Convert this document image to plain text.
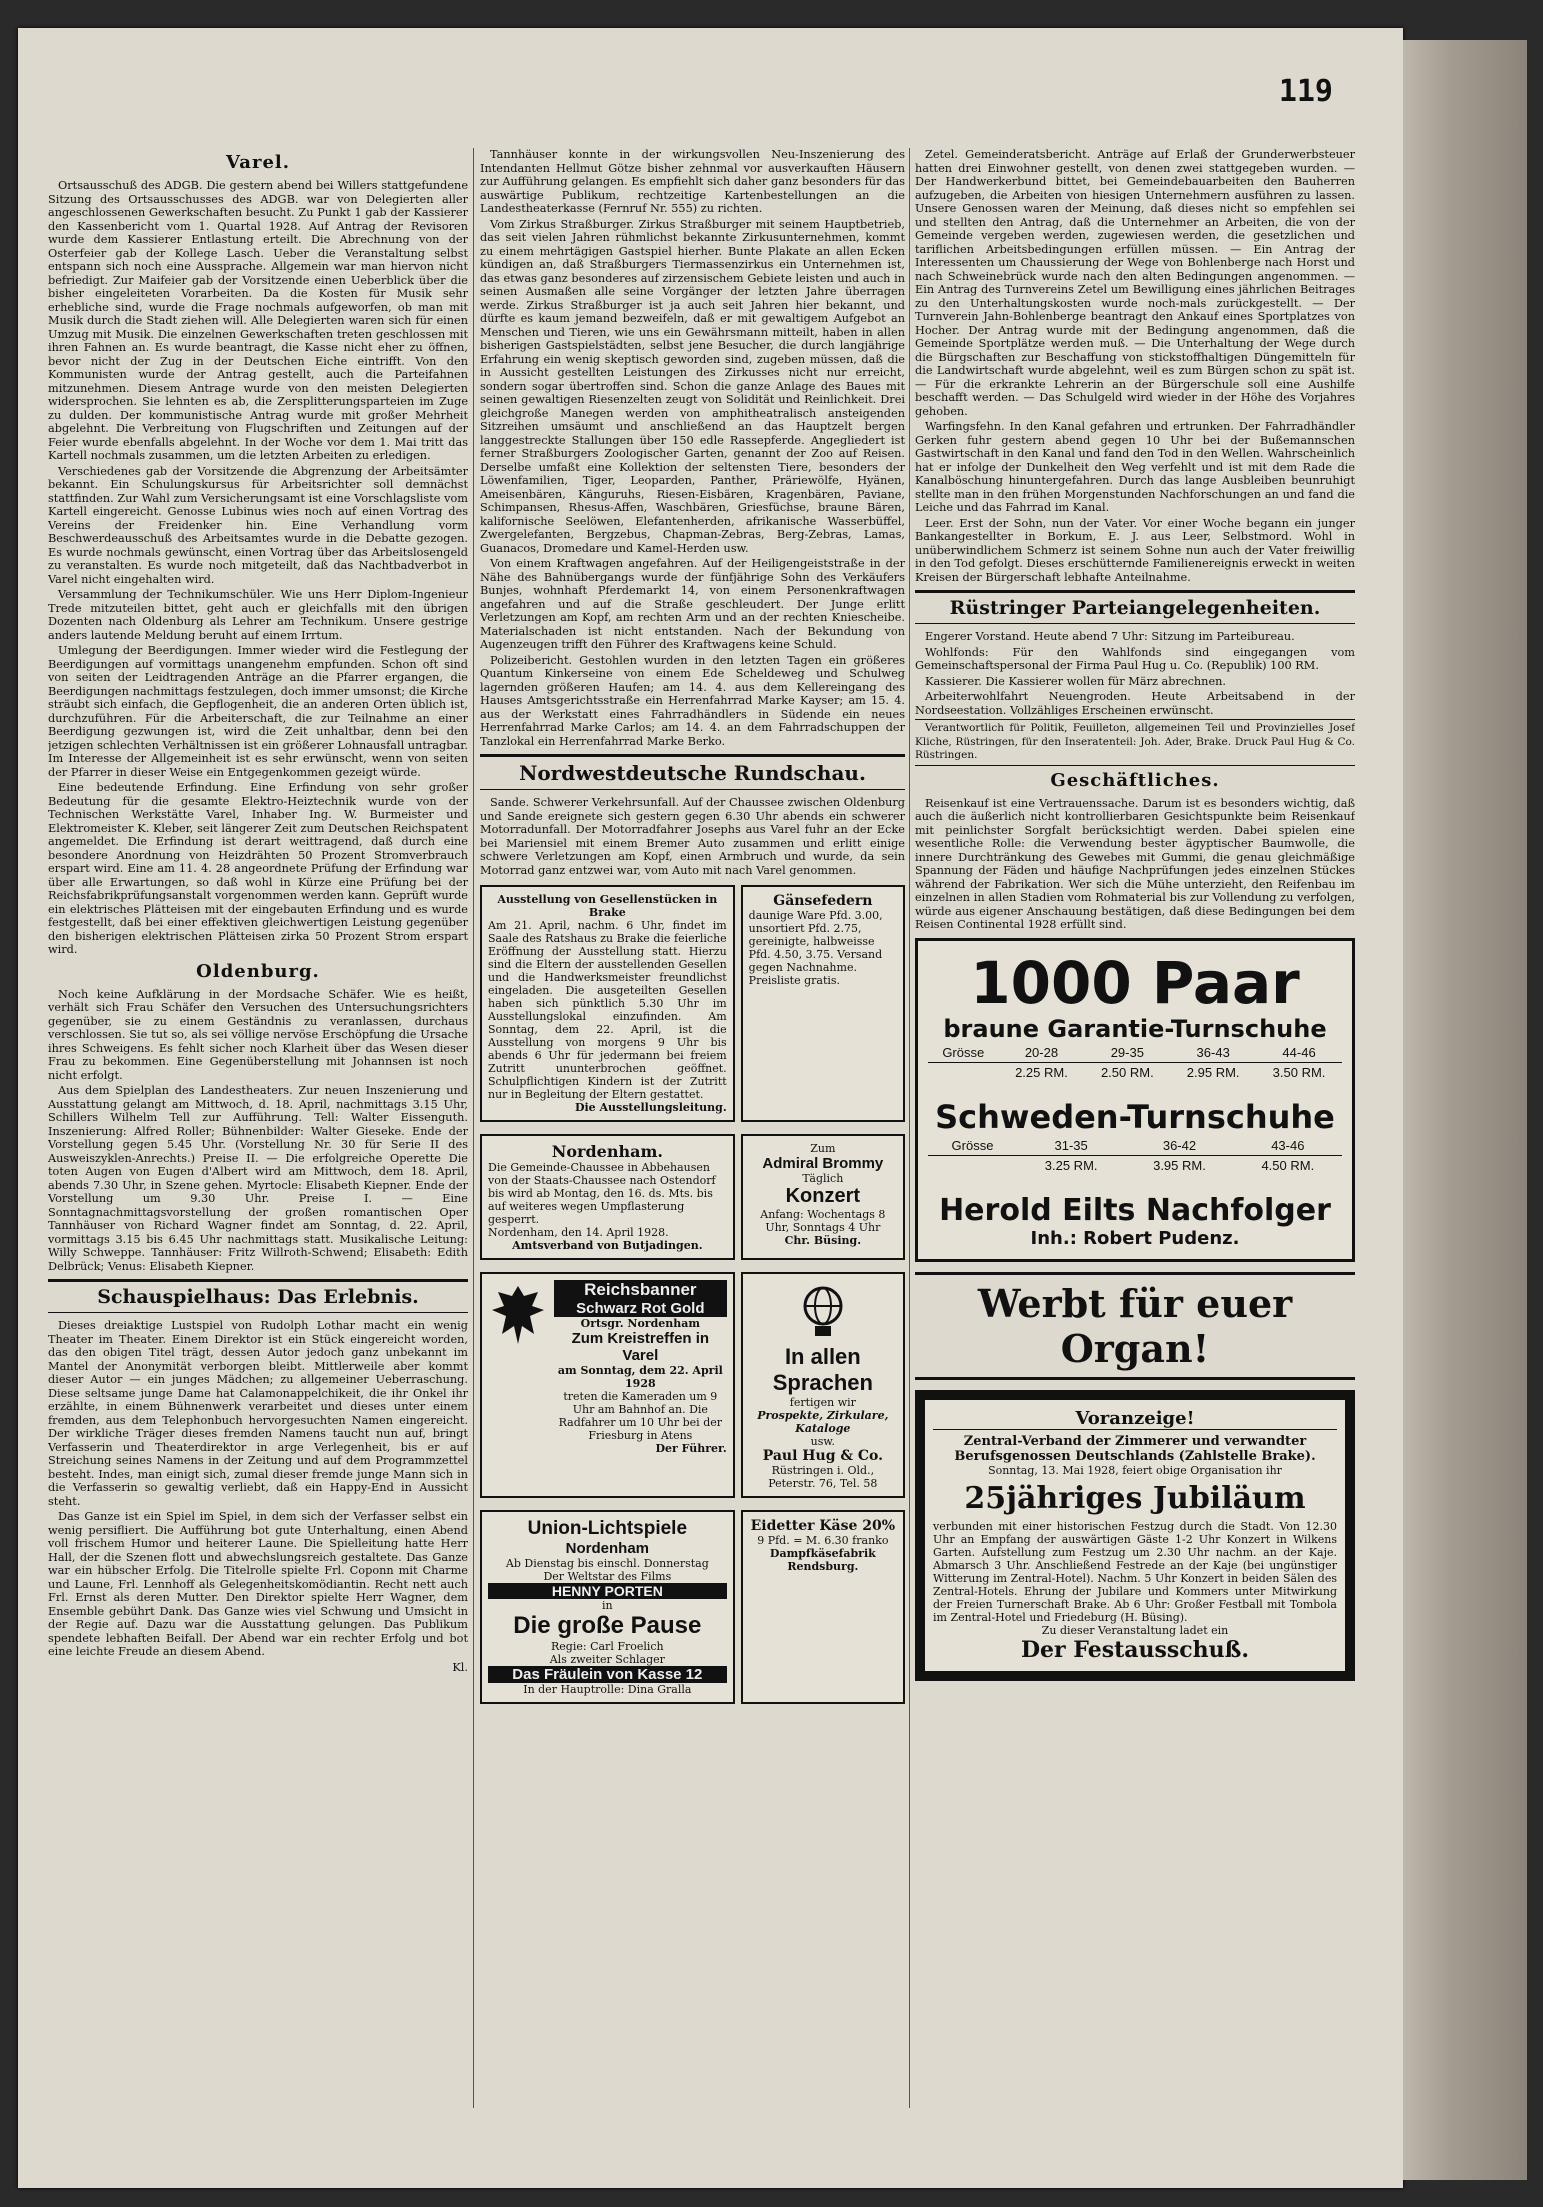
119
Varel.

Ortsausschuß des ADGB. Die gestern abend bei Willers stattgefundene Sitzung des Ortsausschusses des ADGB. war von Delegierten aller angeschlossenen Gewerkschaften besucht. Zu Punkt 1 gab der Kassierer den Kassenbericht vom 1. Quartal 1928. Auf Antrag der Revisoren wurde dem Kassierer Entlastung erteilt. Die Abrechnung von der Osterfeier gab der Kollege Lasch. Ueber die Veranstaltung selbst entspann sich noch eine Aussprache. Allgemein war man hiervon nicht befriedigt. Zur Maifeier gab der Vorsitzende einen Ueberblick über die bisher eingeleiteten Vorarbeiten. Da die Kosten für Musik sehr erhebliche sind, wurde die Frage nochmals aufgeworfen, ob man mit Musik durch die Stadt ziehen will. Alle Delegierten waren sich für einen Umzug mit Musik. Die einzelnen Gewerkschaften treten geschlossen mit ihren Fahnen an. Es wurde beantragt, die Kasse nicht eher zu öffnen, bevor nicht der Zug in der Deutschen Eiche eintrifft. Von den Kommunisten wurde der Antrag gestellt, auch die Parteifahnen mitzunehmen. Diesem Antrage wurde von den meisten Delegierten widersprochen. Sie lehnten es ab, die Zersplitterungsparteien im Zuge zu dulden. Der kommunistische Antrag wurde mit großer Mehrheit abgelehnt. Die Verbreitung von Flugschriften und Zeitungen auf der Feier wurde ebenfalls abgelehnt. In der Woche vor dem 1. Mai tritt das Kartell nochmals zusammen, um die letzten Arbeiten zu erledigen.

Verschiedenes gab der Vorsitzende die Abgrenzung der Arbeitsämter bekannt. Ein Schulungskursus für Arbeitsrichter soll demnächst stattfinden. Zur Wahl zum Versicherungsamt ist eine Vorschlagsliste vom Kartell eingereicht. Genosse Lubinus wies noch auf einen Vortrag des Vereins der Freidenker hin. Eine Verhandlung vorm Beschwerdeausschuß des Arbeitsamtes wurde in die Debatte gezogen. Es wurde nochmals gewünscht, einen Vortrag über das Arbeitslosengeld zu veranstalten. Es wurde noch mitgeteilt, daß das Nachtbadverbot in Varel nicht eingehalten wird.

Versammlung der Technikumschüler. Wie uns Herr Diplom-Ingenieur Trede mitzuteilen bittet, geht auch er gleichfalls mit den übrigen Dozenten nach Oldenburg als Lehrer am Technikum. Unsere gestrige anders lautende Meldung beruht auf einem Irrtum.

Umlegung der Beerdigungen. Immer wieder wird die Festlegung der Beerdigungen auf vormittags unangenehm empfunden. Schon oft sind von seiten der Leidtragenden Anträge an die Pfarrer ergangen, die Beerdigungen nachmittags festzulegen, doch immer umsonst; die Kirche sträubt sich einfach, die Gepflogenheit, die an anderen Orten üblich ist, durchzuführen. Für die Arbeiterschaft, die zur Teilnahme an einer Beerdigung gezwungen ist, wird die Zeit unhaltbar, denn bei den jetzigen schlechten Verhältnissen ist ein größerer Lohnausfall untragbar. Im Interesse der Allgemeinheit ist es sehr erwünscht, wenn von seiten der Pfarrer in dieser Weise ein Entgegenkommen gezeigt würde.

Eine bedeutende Erfindung. Eine Erfindung von sehr großer Bedeutung für die gesamte Elektro-Heiztechnik wurde von der Technischen Werkstätte Varel, Inhaber Ing. W. Burmeister und Elektromeister K. Kleber, seit längerer Zeit zum Deutschen Reichspatent angemeldet. Die Erfindung ist derart weittragend, daß durch eine besondere Anordnung von Heizdrähten 50 Prozent Stromverbrauch erspart wird. Eine am 11. 4. 28 angeordnete Prüfung der Erfindung war über alle Erwartungen, so daß wohl in Kürze eine Prüfung bei der Reichsfabrikprüfungsanstalt vorgenommen werden kann. Geprüft wurde ein elektrisches Plätteisen mit der eingebauten Erfindung und es wurde festgestellt, daß bei einer effektiven gleichwertigen Leistung gegenüber den bisherigen elektrischen Plätteisen zirka 50 Prozent Strom erspart wird.

Oldenburg.

Noch keine Aufklärung in der Mordsache Schäfer. Wie es heißt, verhält sich Frau Schäfer den Versuchen des Untersuchungsrichters gegenüber, sie zu einem Geständnis zu veranlassen, durchaus verschlossen. Sie tut so, als sei völlige nervöse Erschöpfung die Ursache ihres Schweigens. Es fehlt sicher noch Klarheit über das Wesen dieser Frau zu bekommen. Eine Gegenüberstellung mit Johannsen ist noch nicht erfolgt.

Aus dem Spielplan des Landestheaters. Zur neuen Inszenierung und Ausstattung gelangt am Mittwoch, d. 18. April, nachmittags 3.15 Uhr, Schillers Wilhelm Tell zur Aufführung. Tell: Walter Eissenguth. Inszenierung: Alfred Roller; Bühnenbilder: Walter Gieseke. Ende der Vorstellung gegen 5.45 Uhr. (Vorstellung Nr. 30 für Serie II des Ausweiszyklen-Anrechts.) Preise II. — Die erfolgreiche Operette Die toten Augen von Eugen d'Albert wird am Mittwoch, dem 18. April, abends 7.30 Uhr, in Szene gehen. Myrtocle: Elisabeth Kiepner. Ende der Vorstellung um 9.30 Uhr. Preise I. — Eine Sonntagnachmittagsvorstellung der großen romantischen Oper Tannhäuser von Richard Wagner findet am Sonntag, d. 22. April, vormittags 3.15 bis 6.45 Uhr nachmittags statt. Musikalische Leitung: Willy Schweppe. Tannhäuser: Fritz Willroth-Schwend; Elisabeth: Edith Delbrück; Venus: Elisabeth Kiepner.

Schauspielhaus: Das Erlebnis.

Dieses dreiaktige Lustspiel von Rudolph Lothar macht ein wenig Theater im Theater. Einem Direktor ist ein Stück eingereicht worden, das den obigen Titel trägt, dessen Autor jedoch ganz unbekannt im Mantel der Anonymität verborgen bleibt. Mittlerweile aber kommt dieser Autor — ein junges Mädchen; zu allgemeiner Ueberraschung. Diese seltsame junge Dame hat Calamonappelchikeit, die ihr Onkel ihr erzählte, in einem Bühnenwerk verarbeitet und dieses unter einem fremden, aus dem Telephonbuch hervorgesuchten Namen eingereicht. Der wirkliche Träger dieses fremden Namens taucht nun auf, bringt Verfasserin und Theaterdirektor in arge Verlegenheit, bis er auf Streichung seines Namens in der Zeitung und auf dem Programmzettel besteht. Indes, man einigt sich, zumal dieser fremde junge Mann sich in die Verfasserin so gewaltig verliebt, daß ein Happy-End in Aussicht steht.

Das Ganze ist ein Spiel im Spiel, in dem sich der Verfasser selbst ein wenig persifliert. Die Aufführung bot gute Unterhaltung, einen Abend voll frischem Humor und heiterer Laune. Die Spielleitung hatte Herr Hall, der die Szenen flott und abwechslungsreich gestaltete. Das Ganze war ein hübscher Erfolg. Die Titelrolle spielte Frl. Coponn mit Charme und Laune, Frl. Lennhoff als Gelegenheitskomödiantin. Recht nett auch Frl. Ernst als deren Mutter. Den Direktor spielte Herr Wagner, dem Ensemble gebührt Dank. Das Ganze wies viel Schwung und Umsicht in der Regie auf. Dazu war die Ausstattung gelungen. Das Publikum spendete lebhaften Beifall. Der Abend war ein rechter Erfolg und bot eine leichte Freude an diesem Abend.

Kl.

Tannhäuser konnte in der wirkungsvollen Neu-Inszenierung des Intendanten Hellmut Götze bisher zehnmal vor ausverkauften Häusern zur Aufführung gelangen. Es empfiehlt sich daher ganz besonders für das auswärtige Publikum, rechtzeitige Kartenbestellungen an die Landestheaterkasse (Fernruf Nr. 555) zu richten.

Vom Zirkus Straßburger. Zirkus Straßburger mit seinem Hauptbetrieb, das seit vielen Jahren rühmlichst bekannte Zirkusunternehmen, kommt zu einem mehrtägigen Gastspiel hierher. Bunte Plakate an allen Ecken kündigen an, daß Straßburgers Tiermassenzirkus ein Unternehmen ist, das etwas ganz besonderes auf zirzensischem Gebiete leisten und auch in seinen Ausmaßen alle seine Vorgänger der letzten Jahre überragen werde. Zirkus Straßburger ist ja auch seit Jahren hier bekannt, und dürfte es kaum jemand bezweifeln, daß er mit gewaltigem Aufgebot an Menschen und Tieren, wie uns ein Gewährsmann mitteilt, haben in allen bisherigen Gastspielstädten, selbst jene Besucher, die durch langjährige Erfahrung ein wenig skeptisch geworden sind, zugeben müssen, daß die in Aussicht gestellten Leistungen des Zirkusses nicht nur erreicht, sondern sogar übertroffen sind. Schon die ganze Anlage des Baues mit seinen gewaltigen Riesenzelten zeugt von Solidität und Reinlichkeit. Drei gleichgroße Manegen werden von amphitheatralisch ansteigenden Sitzreihen umsäumt und anschließend an das Hauptzelt bergen langgestreckte Stallungen über 150 edle Rassepferde. Angegliedert ist ferner Straßburgers Zoologischer Garten, genannt der Zoo auf Reisen. Derselbe umfaßt eine Kollektion der seltensten Tiere, besonders der Löwenfamilien, Tiger, Leoparden, Panther, Präriewölfe, Hyänen, Ameisenbären, Känguruhs, Riesen-Eisbären, Kragenbären, Paviane, Schimpansen, Rhesus-Affen, Waschbären, Griesfüchse, braune Bären, kalifornische Seelöwen, Elefantenherden, afrikanische Wasserbüffel, Zwergelefanten, Bergzebus, Chapman-Zebras, Berg-Zebras, Lamas, Guanacos, Dromedare und Kamel-Herden usw.

Von einem Kraftwagen angefahren. Auf der Heiligengeiststraße in der Nähe des Bahnübergangs wurde der fünfjährige Sohn des Verkäufers Bunjes, wohnhaft Pferdemarkt 14, von einem Personenkraftwagen angefahren und auf die Straße geschleudert. Der Junge erlitt Verletzungen am Kopf, am rechten Arm und an der rechten Kniescheibe. Materialschaden ist nicht entstanden. Nach der Bekundung von Augenzeugen trifft den Führer des Kraftwagens keine Schuld.

Polizeibericht. Gestohlen wurden in den letzten Tagen ein größeres Quantum Kinkerseine von einem Ede Scheldeweg und Schulweg lagernden größeren Haufen; am 14. 4. aus dem Kellereingang des Hauses Amtsgerichtsstraße ein Herrenfahrrad Marke Kayser; am 15. 4. aus der Werkstatt eines Fahrradhändlers in Südende ein neues Herrenfahrrad Marke Carlos; am 14. 4. an dem Fahrradschuppen der Tanzlokal ein Herrenfahrrad Marke Berko.

Nordwestdeutsche Rundschau.

Sande. Schwerer Verkehrsunfall. Auf der Chaussee zwischen Oldenburg und Sande ereignete sich gestern gegen 6.30 Uhr abends ein schwerer Motorradunfall. Der Motorradfahrer Josephs aus Varel fuhr an der Ecke bei Mariensiel mit einem Bremer Auto zusammen und erlitt einige schwere Verletzungen am Kopf, einen Armbruch und wurde, da sein Motorrad ganz entzwei war, vom Auto mit nach Varel genommen.

Ausstellung von Gesellenstücken in Brake
Am 21. April, nachm. 6 Uhr, findet im Saale des Ratshaus zu Brake die feierliche Eröffnung der Ausstellung statt. Hierzu sind die Eltern der ausstellenden Gesellen und die Handwerksmeister freundlichst eingeladen. Die ausgeteilten Gesellen haben sich pünktlich 5.30 Uhr im Ausstellungslokal einzufinden. Am Sonntag, dem 22. April, ist die Ausstellung von morgens 9 Uhr bis abends 6 Uhr für jedermann bei freiem Zutritt ununterbrochen geöffnet. Schulpflichtigen Kindern ist der Zutritt nur in Begleitung der Eltern gestattet.
Die Ausstellungsleitung.
Gänsefedern
daunige Ware Pfd. 3.00, unsortiert Pfd. 2.75, gereinigte, halbweisse Pfd. 4.50, 3.75. Versand gegen Nachnahme. Preisliste gratis.
Nordenham.
Die Gemeinde-Chaussee in Abbehausen von der Staats-Chaussee nach Ostendorf bis wird ab Montag, den 16. ds. Mts. bis auf weiteres wegen Umpflasterung gesperrt.
Nordenham, den 14. April 1928.
Amtsverband von Butjadingen.
Zum
Admiral Brommy
Täglich
Konzert
Anfang: Wochentags 8 Uhr, Sonntags 4 Uhr
Chr. Büsing.
Reichsbanner
Schwarz Rot Gold
Ortsgr. Nordenham
Zum Kreistreffen in Varel
am Sonntag, dem 22. April 1928
treten die Kameraden um 9 Uhr am Bahnhof an. Die Radfahrer um 10 Uhr bei der Friesburg in Atens
Der Führer.
In allen
Sprachen
fertigen wir
Prospekte, Zirkulare, Kataloge
usw.
Paul Hug & Co.
Rüstringen i. Old., Peterstr. 76, Tel. 58
Union-Lichtspiele
Nordenham
Ab Dienstag bis einschl. Donnerstag
Der Weltstar des Films
HENNY PORTEN
in
Die große Pause
Regie: Carl Froelich
Als zweiter Schlager
Das Fräulein von Kasse 12
In der Hauptrolle: Dina Gralla
Eidetter Käse 20%
9 Pfd. = M. 6.30 franko
Dampfkäsefabrik Rendsburg.

Zetel. Gemeinderatsbericht. Anträge auf Erlaß der Grunderwerbsteuer hatten drei Einwohner gestellt, von denen zwei stattgegeben wurden. — Der Handwerkerbund bittet, bei Gemeindebauarbeiten den Bauherren aufzugeben, die Arbeiten von hiesigen Unternehmern ausführen zu lassen. Unsere Genossen waren der Meinung, daß dieses nicht so empfehlen sei und stellten den Antrag, daß die Unternehmer an Arbeiten, die von der Gemeinde vergeben werden, zugewiesen werden, die gesetzlichen und tariflichen Arbeitsbedingungen erfüllen müssen. — Ein Antrag der Interessenten um Chaussierung der Wege von Bohlenberge nach Horst und nach Schweinebrück wurde nach den alten Bedingungen angenommen. — Ein Antrag des Turnvereins Zetel um Bewilligung eines jährlichen Beitrages zu den Unterhaltungskosten wurde noch-mals zurückgestellt. — Der Turnverein Jahn-Bohlenberge beantragt den Ankauf eines Sportplatzes von Hocher. Der Antrag wurde mit der Bedingung angenommen, daß die Gemeinde Sportplätze werden muß. — Die Unterhaltung der Wege durch die Bürgschaften zur Beschaffung von stickstoffhaltigen Düngemitteln für die Landwirtschaft wurde abgelehnt, weil es zum Bürgen schon zu spät ist. — Für die erkrankte Lehrerin an der Bürgerschule soll eine Aushilfe beschafft werden. — Das Schulgeld wird wieder in der Höhe des Vorjahres gehoben.

Warfingsfehn. In den Kanal gefahren und ertrunken. Der Fahrradhändler Gerken fuhr gestern abend gegen 10 Uhr bei der Bußemannschen Gastwirtschaft in den Kanal und fand den Tod in den Wellen. Wahrscheinlich hat er infolge der Dunkelheit den Weg verfehlt und ist mit dem Rade die Kanalböschung hinuntergefahren. Durch das lange Ausbleiben beunruhigt stellte man in den frühen Morgenstunden Nachforschungen an und fand die Leiche und das Fahrrad im Kanal.

Leer. Erst der Sohn, nun der Vater. Vor einer Woche begann ein junger Bankangestellter in Borkum, E. J. aus Leer, Selbstmord. Wohl in unüberwindlichem Schmerz ist seinem Sohne nun auch der Vater freiwillig in den Tod gefolgt. Dieses erschütternde Familienereignis erweckt in weiten Kreisen der Bürgerschaft lebhafte Anteilnahme.

Rüstringer Parteiangelegenheiten.

Engerer Vorstand. Heute abend 7 Uhr: Sitzung im Parteibureau.

Wohlfonds: Für den Wahlfonds sind eingegangen vom Gemeinschaftspersonal der Firma Paul Hug u. Co. (Republik) 100 RM.

Kassierer. Die Kassierer wollen für März abrechnen.

Arbeiterwohlfahrt Neuengroden. Heute Arbeitsabend in der Nordseestation. Vollzähliges Erscheinen erwünscht.

Verantwortlich für Politik, Feuilleton, allgemeinen Teil und Provinzielles Josef Kliche, Rüstringen, für den Inseratenteil: Joh. Ader, Brake. Druck Paul Hug & Co. Rüstringen.

Geschäftliches.

Reisenkauf ist eine Vertrauenssache. Darum ist es besonders wichtig, daß auch die äußerlich nicht kontrollierbaren Gesichtspunkte beim Reisenkauf mit peinlichster Sorgfalt berücksichtigt werden. Dabei spielen eine wesentliche Rolle: die Verwendung bester ägyptischer Baumwolle, die innere Durchtränkung des Gewebes mit Gummi, die genau gleichmäßige Spannung der Fäden und häufige Nachprüfungen jedes einzelnen Stückes während der Fabrikation. Wer sich die Mühe unterzieht, den Reifenbau im einzelnen in allen Stadien vom Rohmaterial bis zur Vollendung zu verfolgen, würde aus eigener Anschauung bestätigen, daß diese Bedingungen bei dem Reisen Continental 1928 erfüllt sind.

1000 Paar
braune Garantie-Turnschuhe
Grösse	20-28	29-35	36-43	44-46
	2.25 RM.	2.50 RM.	2.95 RM.	3.50 RM.
Schweden-Turnschuhe
Grösse	31-35	36-42	43-46
	3.25 RM.	3.95 RM.	4.50 RM.
Herold Eilts Nachfolger
Inh.: Robert Pudenz.
Werbt für euer Organ!
Voranzeige!
Zentral-Verband der Zimmerer und verwandter Berufsgenossen Deutschlands (Zahlstelle Brake).
Sonntag, 13. Mai 1928, feiert obige Organisation ihr
25jähriges Jubiläum
verbunden mit einer historischen Festzug durch die Stadt. Von 12.30 Uhr an Empfang der auswärtigen Gäste 1-2 Uhr Konzert in Wilkens Garten. Aufstellung zum Festzug um 2.30 Uhr nachm. an der Kaje. Abmarsch 3 Uhr. Anschließend Festrede an der Kaje (bei ungünstiger Witterung im Zentral-Hotel). Nachm. 5 Uhr Konzert in beiden Sälen des Zentral-Hotels. Ehrung der Jubilare und Kommers unter Mitwirkung der Freien Turnerschaft Brake. Ab 6 Uhr: Großer Festball mit Tombola im Zentral-Hotel und Friedeburg (H. Büsing).
Zu dieser Veranstaltung ladet ein
Der Festausschuß.
